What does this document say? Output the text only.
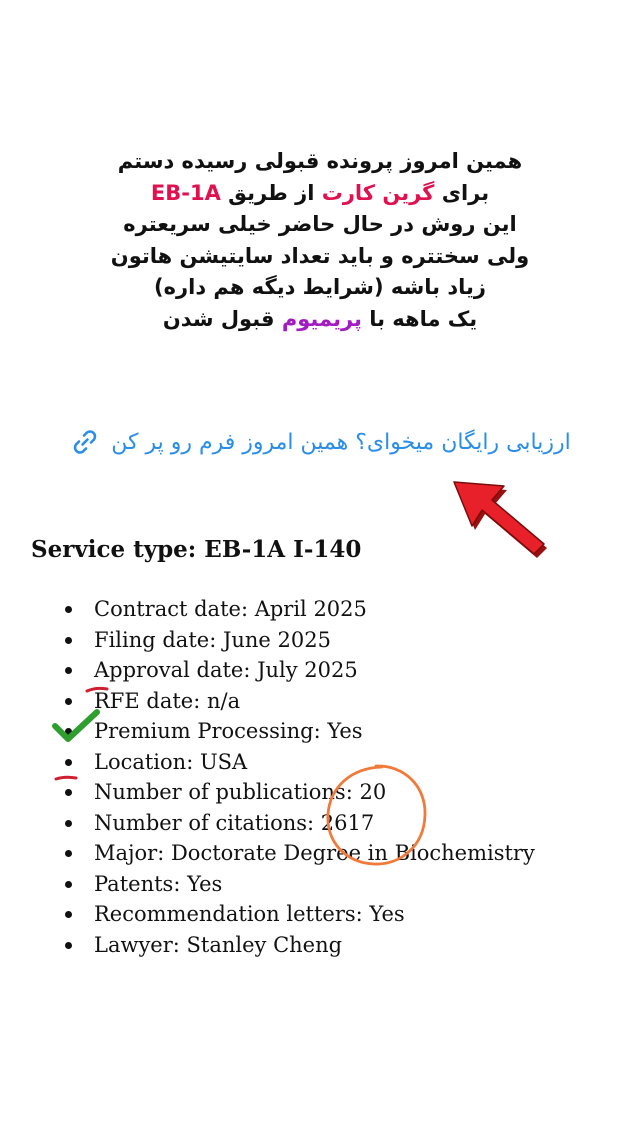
همین امروز پرونده قبولی رسیده دستم
برای گرین کارت از طریق EB-1A
این روش در حال حاضر خیلی سریعتره
ولی سختتره و باید تعداد سایتیشن هاتون
زیاد باشه (شرایط دیگه هم داره)
یک ماهه با پریمیوم قبول شدن
ارزیابی رایگان میخوای؟ همین امروز فرم رو پر کن
Service type: EB-1A I-140
Contract date: April 2025
Filing date: June 2025
Approval date: July 2025
RFE date: n/a
Premium Processing: Yes
Location: USA
Number of publications: 20
Number of citations: 2617
Major: Doctorate Degree in Biochemistry
Patents: Yes
Recommendation letters: Yes
Lawyer: Stanley Cheng
